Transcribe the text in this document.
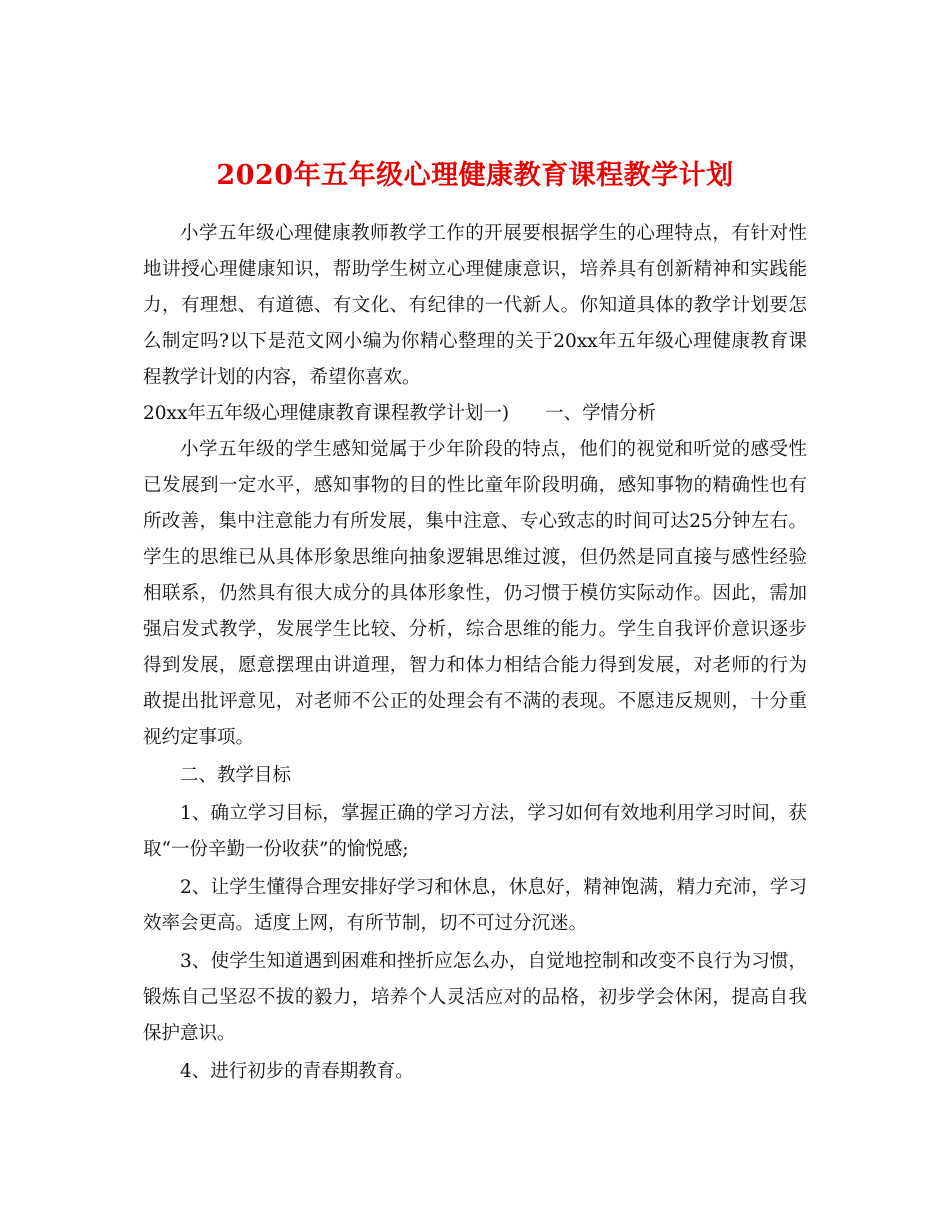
2020年五年级心理健康教育课程教学计划

小学五年级心理健康教师教学工作的开展要根据学生的心理特点，有针对性地讲授心理健康知识，帮助学生树立心理健康意识，培养具有创新精神和实践能力，有理想、有道德、有文化、有纪律的一代新人。你知道具体的教学计划要怎么制定吗?以下是范文网小编为你精心整理的关于20xx年五年级心理健康教育课程教学计划的内容，希望你喜欢。

20xx年五年级心理健康教育课程教学计划一) 一、学情分析

小学五年级的学生感知觉属于少年阶段的特点，他们的视觉和听觉的感受性已发展到一定水平，感知事物的目的性比童年阶段明确，感知事物的精确性也有所改善，集中注意能力有所发展，集中注意、专心致志的时间可达25分钟左右。学生的思维已从具体形象思维向抽象逻辑思维过渡，但仍然是同直接与感性经验相联系，仍然具有很大成分的具体形象性，仍习惯于模仿实际动作。因此，需加强启发式教学，发展学生比较、分析，综合思维的能力。学生自我评价意识逐步得到发展，愿意摆理由讲道理，智力和体力相结合能力得到发展，对老师的行为敢提出批评意见，对老师不公正的处理会有不满的表现。不愿违反规则，十分重视约定事项。

二、教学目标

1、确立学习目标，掌握正确的学习方法，学习如何有效地利用学习时间，获取“一份辛勤一份收获”的愉悦感;

2、让学生懂得合理安排好学习和休息，休息好，精神饱满，精力充沛，学习效率会更高。适度上网，有所节制，切不可过分沉迷。

3、使学生知道遇到困难和挫折应怎么办，自觉地控制和改变不良行为习惯，锻炼自己坚忍不拔的毅力，培养个人灵活应对的品格，初步学会休闲，提高自我保护意识。

4、进行初步的青春期教育。
